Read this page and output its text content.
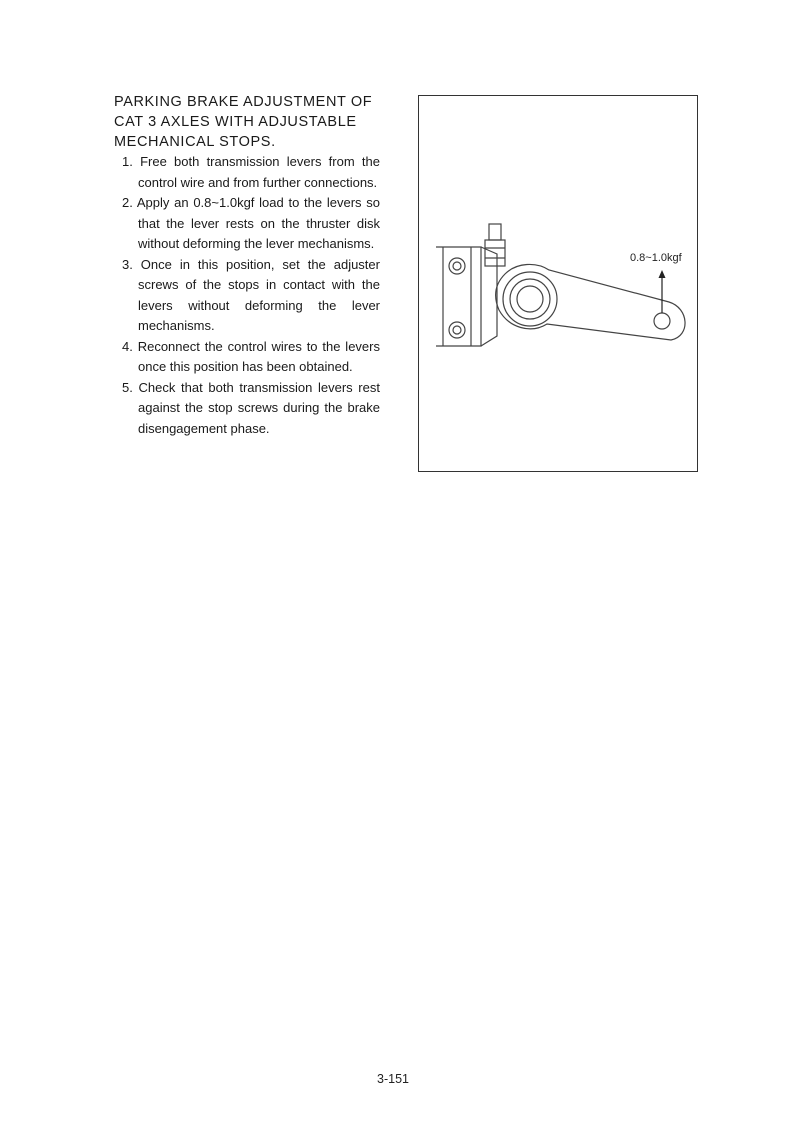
PARKING BRAKE ADJUSTMENT OF
CAT 3 AXLES WITH ADJUSTABLE
MECHANICAL STOPS.
1. Free both transmission levers from the control wire and from further connections.
2. Apply an 0.8~1.0kgf load to the levers so that the lever rests on the thruster disk without deforming the lever mechanisms.
3. Once in this position, set the adjuster screws of the stops in contact with the levers without deforming the lever mechanisms.
4. Reconnect the control wires to the levers once this position has been obtained.
5. Check that both transmission levers rest against the stop screws during the brake disengagement phase.
0.8~1.0kgf
3-151
